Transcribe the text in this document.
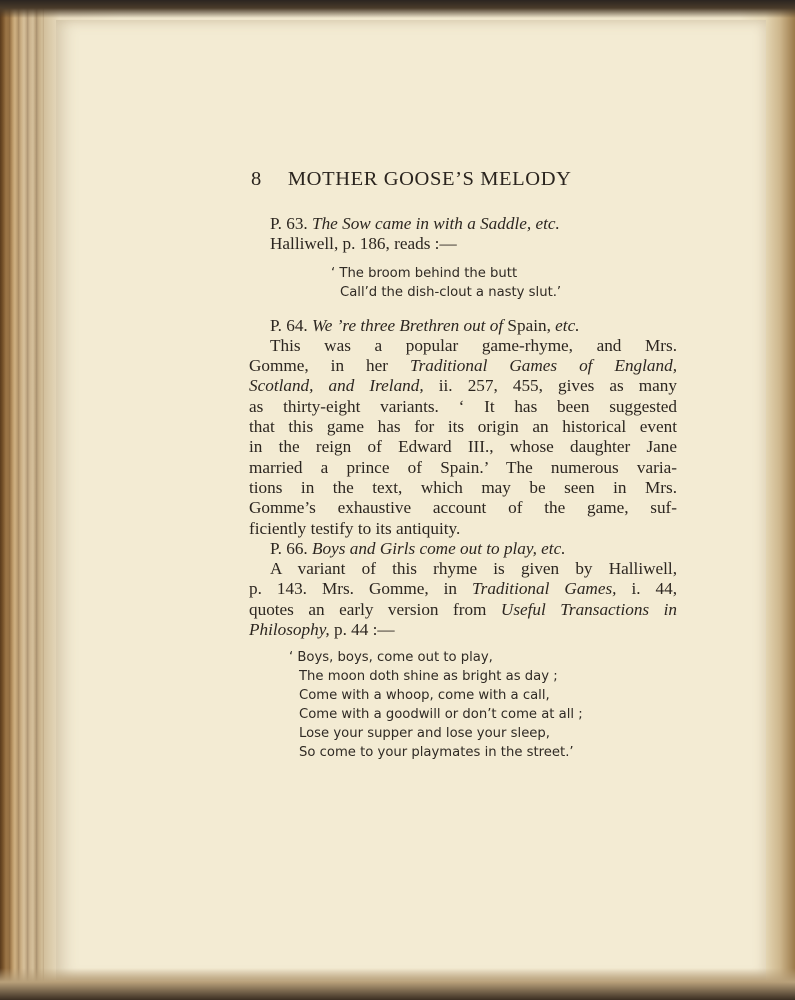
8 MOTHER GOOSE’S MELODY

P. 63. The Sow came in with a Saddle, etc.

Halliwell, p. 186, reads :—

‘ The broom behind the butt
Call’d the dish-clout a nasty slut.’

P. 64. We ’re three Brethren out of Spain, etc.

This was a popular game-rhyme, and Mrs.
Gomme, in her Traditional Games of England,
Scotland, and Ireland, ii. 257, 455, gives as many
as thirty-eight variants. ‘ It has been suggested
that this game has for its origin an historical event
in the reign of Edward III., whose daughter Jane
married a prince of Spain.’ The numerous varia-
tions in the text, which may be seen in Mrs.
Gomme’s exhaustive account of the game, suf-
ficiently testify to its antiquity.

P. 66. Boys and Girls come out to play, etc.

A variant of this rhyme is given by Halliwell,
p. 143. Mrs. Gomme, in Traditional Games, i. 44,
quotes an early version from Useful Transactions in
Philosophy, p. 44 :—
‘ Boys, boys, come out to play,
The moon doth shine as bright as day ;
Come with a whoop, come with a call,
Come with a goodwill or don’t come at all ;
Lose your supper and lose your sleep,
So come to your playmates in the street.’
